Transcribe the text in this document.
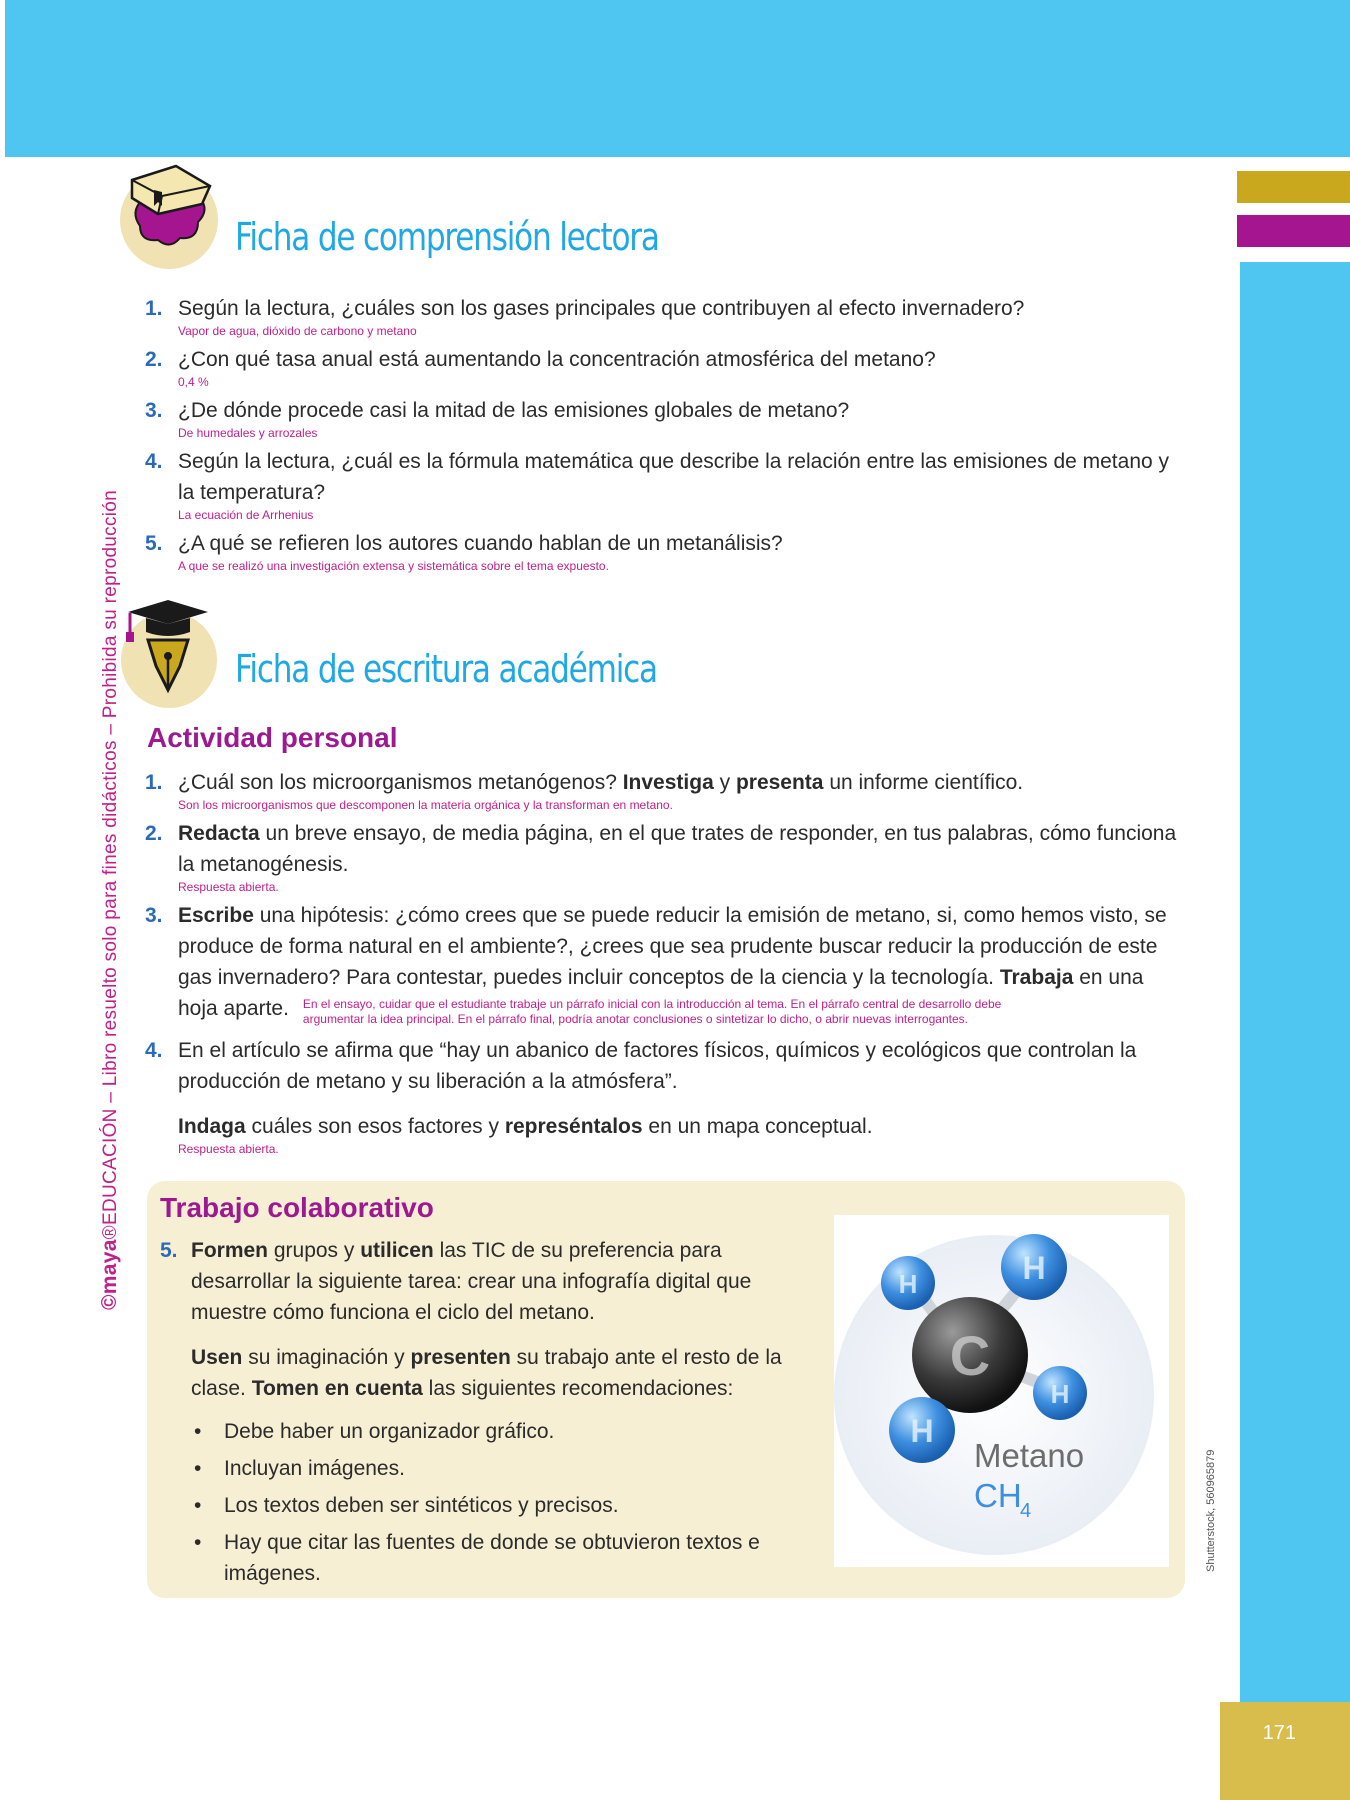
171
©maya®EDUCACIÓN – Libro resuelto solo para fines didácticos – Prohibida su reproducción
Shutterstock, 560965879
Ficha de comprensión lectora
1. Según la lectura, ¿cuáles son los gases principales que contribuyen al efecto invernadero?
Vapor de agua, dióxido de carbono y metano
2. ¿Con qué tasa anual está aumentando la concentración atmosférica del metano?
0,4 %
3. ¿De dónde procede casi la mitad de las emisiones globales de metano?
De humedales y arrozales
4. Según la lectura, ¿cuál es la fórmula matemática que describe la relación entre las emisiones de metano y la temperatura?
La ecuación de Arrhenius
5. ¿A qué se refieren los autores cuando hablan de un metanálisis?
A que se realizó una investigación extensa y sistemática sobre el tema expuesto.
Ficha de escritura académica
Actividad personal
1. ¿Cuál son los microorganismos metanógenos? Investiga y presenta un informe científico.
Son los microorganismos que descomponen la materia orgánica y la transforman en metano.
2. Redacta un breve ensayo, de media página, en el que trates de responder, en tus palabras, cómo funciona la metanogénesis.
Respuesta abierta.
3. Escribe una hipótesis: ¿cómo crees que se puede reducir la emisión de metano, si, como hemos visto, se produce de forma natural en el ambiente?, ¿crees que sea prudente buscar reducir la producción de este gas invernadero? Para contestar, puedes incluir conceptos de la ciencia y la tecnología. Trabaja en una hoja aparte. En el ensayo, cuidar que el estudiante trabaje un párrafo inicial con la introducción al tema. En el párrafo central de desarrollo debe
argumentar la idea principal. En el párrafo final, podría anotar conclusiones o sintetizar lo dicho, o abrir nuevas interrogantes.
4. En el artículo se afirma que “hay un abanico de factores físicos, químicos y ecológicos que controlan la producción de metano y su liberación a la atmósfera”.

Indaga cuáles son esos factores y represéntalos en un mapa conceptual.

Respuesta abierta.
Trabajo colaborativo
5. Formen grupos y utilicen las TIC de su preferencia para desarrollar la siguiente tarea: crear una infografía digital que muestre cómo funciona el ciclo del metano.

Usen su imaginación y presenten su trabajo ante el resto de la clase. Tomen en cuenta las siguientes recomendaciones:

• Debe haber un organizador gráfico.
• Incluyan imágenes.
• Los textos deben ser sintéticos y precisos.
• Hay que citar las fuentes de donde se obtuvieron textos e imágenes.
C
H	H
H
H
Metano
CH
4
